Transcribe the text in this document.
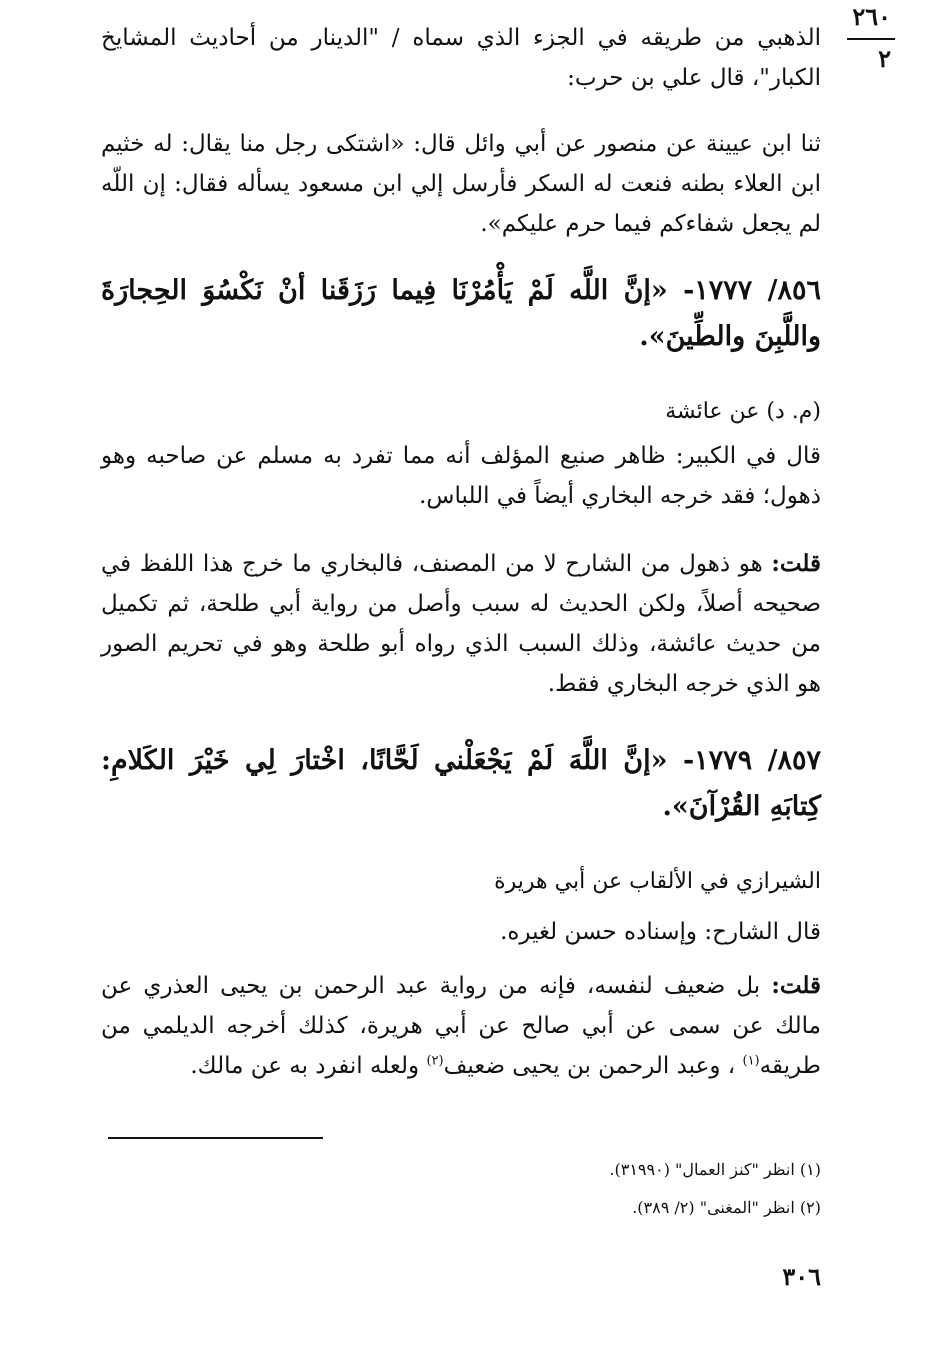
٢٦٠
٢
الذهبي من طريقه في الجزء الذي سماه / "الدينار من أحاديث المشايخ الكبار"، قال علي بن حرب:
ثنا ابن عيينة عن منصور عن أبي وائل قال: «اشتكى رجل منا يقال: له خثيم ابن العلاء بطنه فنعت له السكر فأرسل إلي ابن مسعود يسأله فقال: إن اللّه لم يجعل شفاءكم فيما حرم عليكم».
٨٥٦/ ١٧٧٧- «إنَّ اللَّه لَمْ يَأْمُرْنَا فِيما رَزَقَنا أنْ نَكْسُوَ الحِجارَةَ واللَّبِنَ والطِّينَ».
(م. د) عن عائشة
قال في الكبير: ظاهر صنيع المؤلف أنه مما تفرد به مسلم عن صاحبه وهو ذهول؛ فقد خرجه البخاري أيضاً في اللباس.
قلت: هو ذهول من الشارح لا من المصنف، فالبخاري ما خرج هذا اللفظ في صحيحه أصلاً، ولكن الحديث له سبب وأصل من رواية أبي طلحة، ثم تكميل من حديث عائشة، وذلك السبب الذي رواه أبو طلحة وهو في تحريم الصور هو الذي خرجه البخاري فقط.
٨٥٧/ ١٧٧٩- «إنَّ اللَّهَ لَمْ يَجْعَلْني لَحَّانًا، اخْتارَ لِي خَيْرَ الكَلامِ: كِتابَهِ القُرْآنَ».
الشيرازي في الألقاب عن أبي هريرة
قال الشارح: وإسناده حسن لغيره.
قلت: بل ضعيف لنفسه، فإنه من رواية عبد الرحمن بن يحيى العذري عن مالك عن سمى عن أبي صالح عن أبي هريرة، كذلك أخرجه الديلمي من طريقه$^{(١)}$ ، وعبد الرحمن بن يحيى ضعيف$^{(٢)}$ ولعله انفرد به عن مالك.
(١) انظر "كنز العمال" (٣١٩٩٠).
(٢) انظر "المغنى" (٢/ ٣٨٩).
٣٠٦
